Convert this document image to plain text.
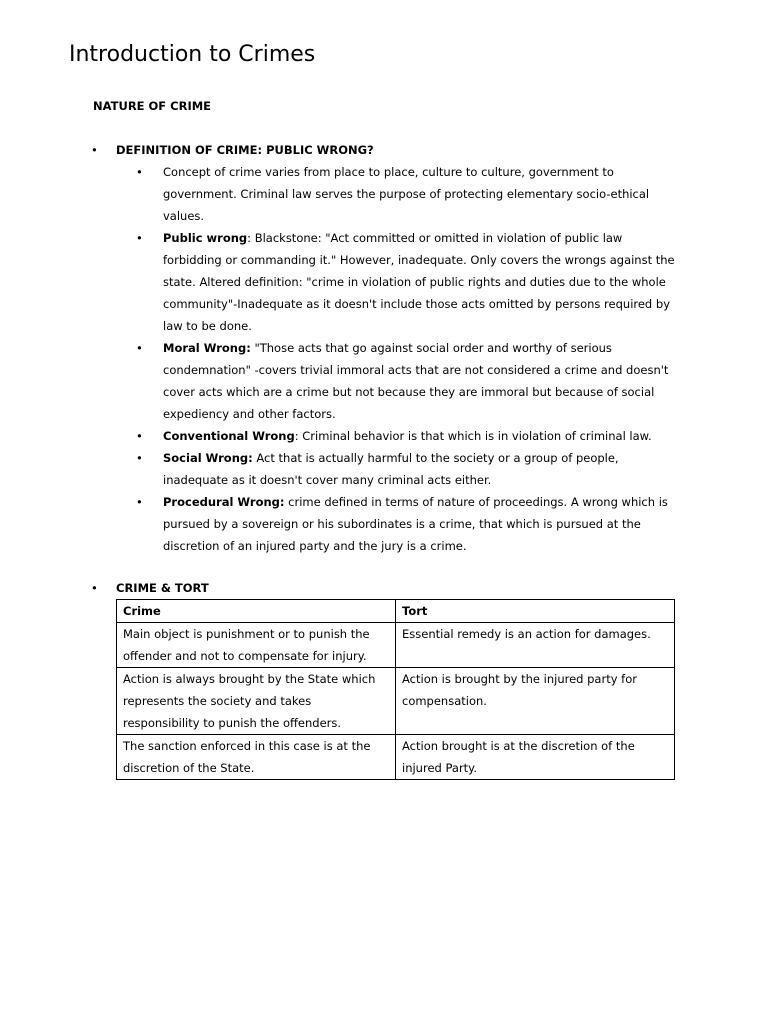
Introduction to Crimes
NATURE OF CRIME
• DEFINITION OF CRIME: PUBLIC WRONG?
• Concept of crime varies from place to place, culture to culture, government to government. Criminal law serves the purpose of protecting elementary socio-ethical values.
• Public wrong: Blackstone: "Act committed or omitted in violation of public law forbidding or commanding it." However, inadequate. Only covers the wrongs against the state. Altered definition: "crime in violation of public rights and duties due to the whole community"-Inadequate as it doesn't include those acts omitted by persons required by law to be done.
• Moral Wrong: "Those acts that go against social order and worthy of serious condemnation" -covers trivial immoral acts that are not considered a crime and doesn't cover acts which are a crime but not because they are immoral but because of social expediency and other factors.
• Conventional Wrong: Criminal behavior is that which is in violation of criminal law.
• Social Wrong: Act that is actually harmful to the society or a group of people, inadequate as it doesn't cover many criminal acts either.
• Procedural Wrong: crime defined in terms of nature of proceedings. A wrong which is pursued by a sovereign or his subordinates is a crime, that which is pursued at the discretion of an injured party and the jury is a crime.
• CRIME & TORT
Crime	Tort
Main object is punishment or to punish the offender and not to compensate for injury.	Essential remedy is an action for damages.
Action is always brought by the State which represents the society and takes responsibility to punish the offenders.	Action is brought by the injured party for compensation.
The sanction enforced in this case is at the discretion of the State.	Action brought is at the discretion of the injured Party.
